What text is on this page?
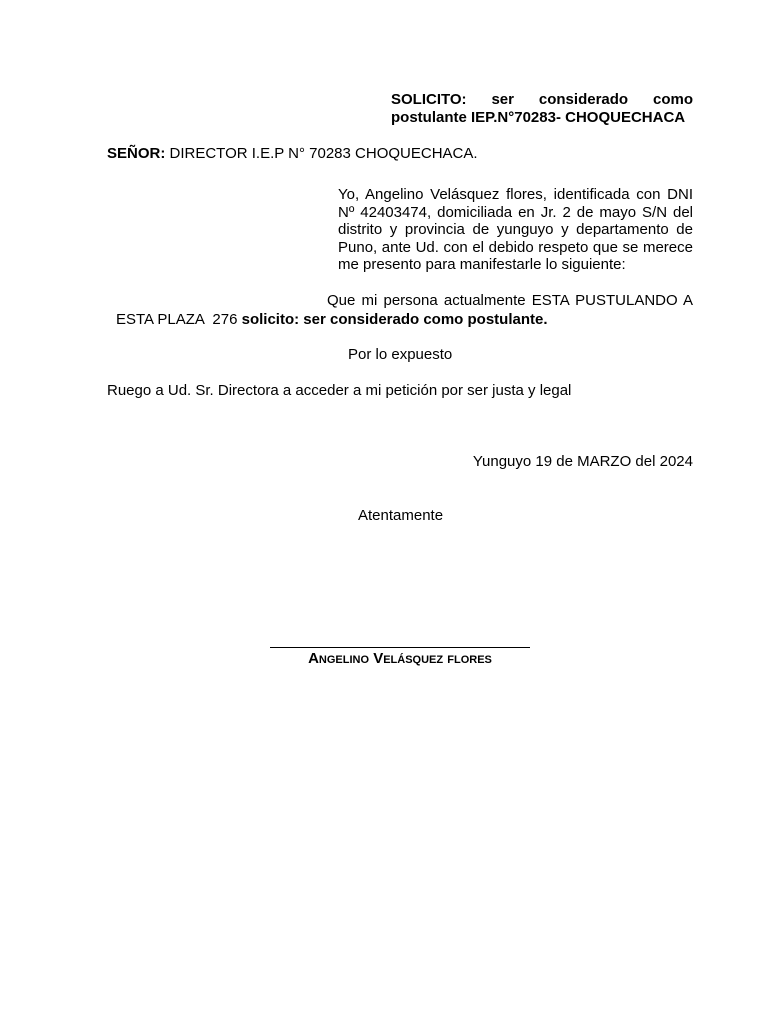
SOLICITO: ser considerado como postulante IEP.N°70283- CHOQUECHACA

SEÑOR: DIRECTOR I.E.P N° 70283 CHOQUECHACA.

Yo, Angelino Velásquez flores, identificada con DNI Nº 42403474, domiciliada en Jr. 2 de mayo S/N del distrito y provincia de yunguyo y departamento de Puno, ante Ud. con el debido respeto que se merece me presento para manifestarle lo siguiente:

Que mi persona actualmente ESTA PUSTULANDO A

ESTA PLAZA  276 solicito: ser considerado como postulante.

Por lo expuesto

Ruego a Ud. Sr. Directora a acceder a mi petición por ser justa y legal

Yunguyo 19 de MARZO del 2024

Atentamente

Angelino Velásquez flores
